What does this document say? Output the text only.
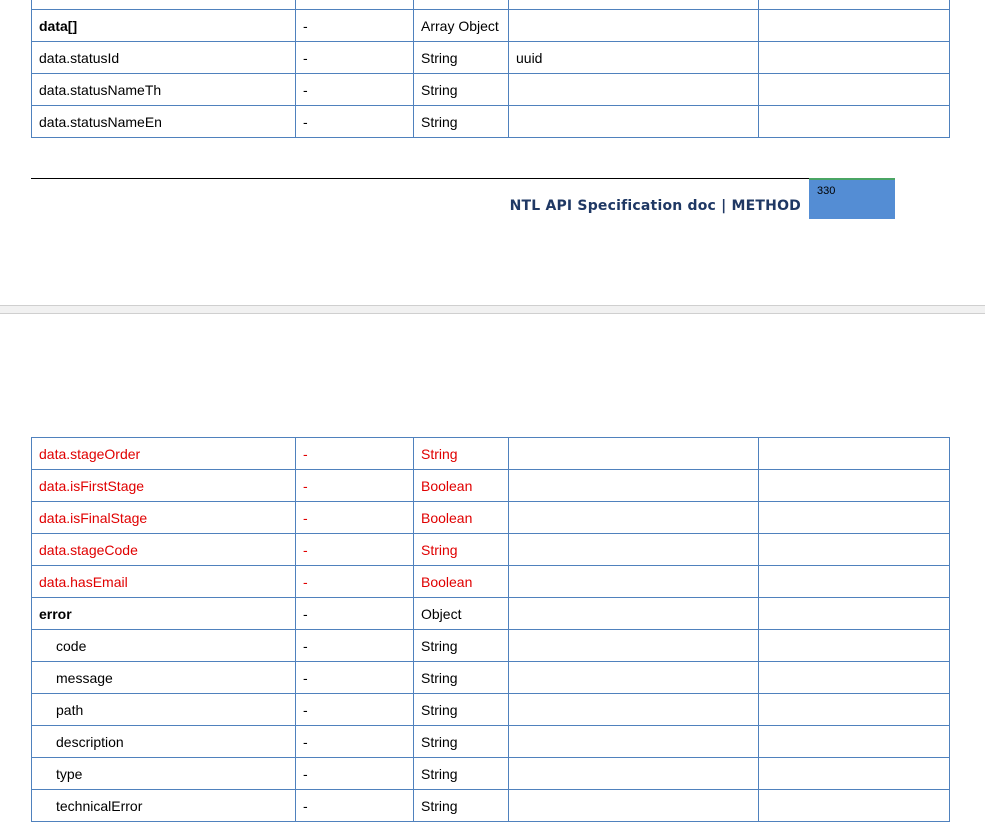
data[]	-	Array Object		
data.statusId	-	String	uuid	
data.statusNameTh	-	String		
data.statusNameEn	-	String		
NTL API Specification doc | METHOD
330
data.stageOrder	-	String		
data.isFirstStage	-	Boolean		
data.isFinalStage	-	Boolean		
data.stageCode	-	String		
data.hasEmail	-	Boolean		
error	-	Object		
code	-	String		
message	-	String		
path	-	String		
description	-	String		
type	-	String		
technicalError	-	String		
